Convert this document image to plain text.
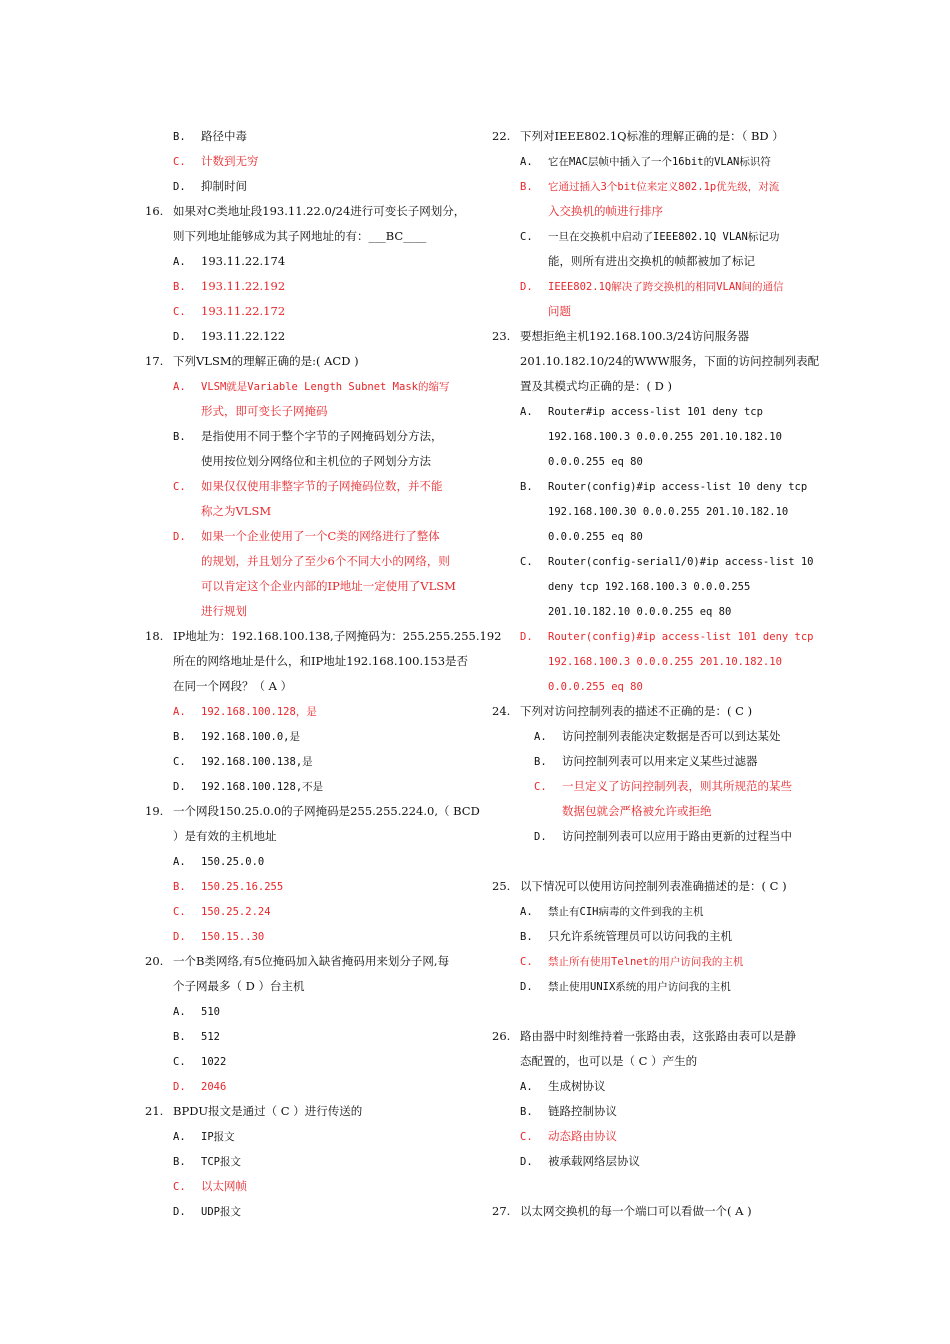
B. 路径中毒
C. 计数到无穷
D. 抑制时间
16. 如果对C类地址段193.11.22.0/24进行可变长子网划分，
则下列地址能够成为其子网地址的有：___BC____
A. 193.11.22.174
B. 193.11.22.192
C. 193.11.22.172
D. 193.11.22.122
17. 下列VLSM的理解正确的是:( ACD )
A. VLSM就是Variable Length Subnet Mask的缩写
形式，即可变长子网掩码
B. 是指使用不同于整个字节的子网掩码划分方法，
使用按位划分网络位和主机位的子网划分方法
C. 如果仅仅使用非整字节的子网掩码位数，并不能
称之为VLSM
D. 如果一个企业使用了一个C类的网络进行了整体
的规划，并且划分了至少6个不同大小的网络，则
可以肯定这个企业内部的IP地址一定使用了VLSM
进行规划
18. IP地址为：192.168.100.138,子网掩码为：255.255.255.192
所在的网络地址是什么，和IP地址192.168.100.153是否
在同一个网段？（ A ）
A. 192.168.100.128，是
B. 192.168.100.0,是
C. 192.168.100.138,是
D. 192.168.100.128,不是
19. 一个网段150.25.0.0的子网掩码是255.255.224.0,（ BCD
）是有效的主机地址
A. 150.25.0.0
B. 150.25.16.255
C. 150.25.2.24
D. 150.15..30
20. 一个B类网络,有5位掩码加入缺省掩码用来划分子网,每
个子网最多（ D ）台主机
A. 510
B. 512
C. 1022
D. 2046
21. BPDU报文是通过（ C ）进行传送的
A. IP报文
B. TCP报文
C. 以太网帧
D. UDP报文
22. 下列对IEEE802.1Q标准的理解正确的是：（ BD ）
A. 它在MAC层帧中插入了一个16bit的VLAN标识符
B. 它通过插入3个bit位来定义802.1p优先级，对流
入交换机的帧进行排序
C. 一旦在交换机中启动了IEEE802.1Q VLAN标记功
能，则所有进出交换机的帧都被加了标记
D. IEEE802.1Q解决了跨交换机的相同VLAN间的通信
问题
23. 要想拒绝主机192.168.100.3/24访问服务器
201.10.182.10/24的WWW服务，下面的访问控制列表配
置及其模式均正确的是：( D )
A. Router#ip access-list 101 deny tcp
192.168.100.3 0.0.0.255 201.10.182.10
0.0.0.255 eq 80
B. Router(config)#ip access-list 10 deny tcp
192.168.100.30 0.0.0.255 201.10.182.10
0.0.0.255 eq 80
C. Router(config-serial1/0)#ip access-list 10
deny tcp 192.168.100.3 0.0.0.255
201.10.182.10 0.0.0.255 eq 80
D. Router(config)#ip access-list 101 deny tcp
192.168.100.3 0.0.0.255 201.10.182.10
0.0.0.255 eq 80
24. 下列对访问控制列表的描述不正确的是：( C )
A. 访问控制列表能决定数据是否可以到达某处
B. 访问控制列表可以用来定义某些过滤器
C. 一旦定义了访问控制列表，则其所规范的某些
数据包就会严格被允许或拒绝
D. 访问控制列表可以应用于路由更新的过程当中
25. 以下情况可以使用访问控制列表准确描述的是：( C )
A. 禁止有CIH病毒的文件到我的主机
B. 只允许系统管理员可以访问我的主机
C. 禁止所有使用Telnet的用户访问我的主机
D. 禁止使用UNIX系统的用户访问我的主机
26. 路由器中时刻维持着一张路由表，这张路由表可以是静
态配置的，也可以是（ C ）产生的
A. 生成树协议
B. 链路控制协议
C. 动态路由协议
D. 被承载网络层协议
27. 以太网交换机的每一个端口可以看做一个( A )
